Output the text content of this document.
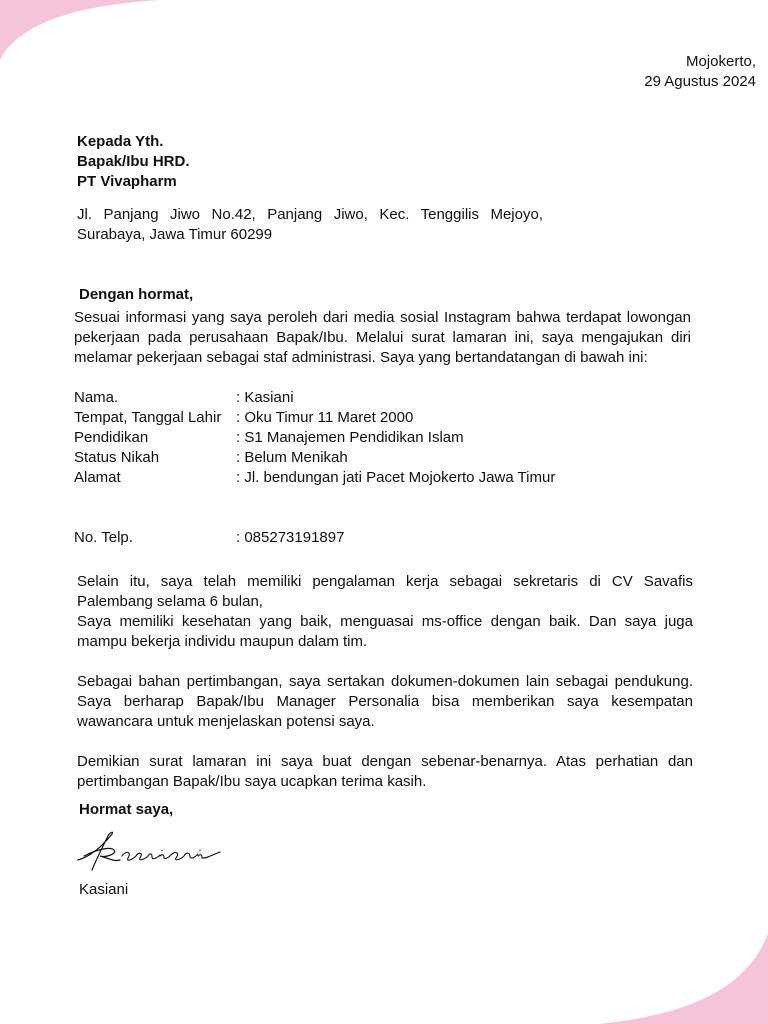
Mojokerto,
29 Agustus 2024
Kepada Yth.
Bapak/Ibu HRD.
PT Vivapharm
Jl. Panjang Jiwo No.42, Panjang Jiwo, Kec. Tenggilis Mejoyo,
Surabaya, Jawa Timur 60299
Dengan hormat,
Sesuai informasi yang saya peroleh dari media sosial Instagram bahwa terdapat lowongan pekerjaan pada perusahaan Bapak/Ibu. Melalui surat lamaran ini, saya mengajukan diri melamar pekerjaan sebagai staf administrasi. Saya yang bertandatangan di bawah ini:
Nama.	: Kasiani
Tempat, Tanggal Lahir : Oku Timur 11 Maret 2000
Pendidikan	: S1 Manajemen Pendidikan Islam
Status Nikah	: Belum Menikah
Alamat	: Jl. bendungan jati Pacet Mojokerto Jawa Timur
No. Telp.	: 085273191897
Selain itu, saya telah memiliki pengalaman kerja sebagai sekretaris di CV Savafis Palembang selama 6 bulan,
Saya memiliki kesehatan yang baik, menguasai ms-office dengan baik. Dan saya juga mampu bekerja individu maupun dalam tim.
Sebagai bahan pertimbangan, saya sertakan dokumen-dokumen lain sebagai pendukung. Saya berharap Bapak/Ibu Manager Personalia bisa memberikan saya kesempatan wawancara untuk menjelaskan potensi saya.
Demikian surat lamaran ini saya buat dengan sebenar-benarnya. Atas perhatian dan pertimbangan Bapak/Ibu saya ucapkan terima kasih.
Hormat saya,
Kasiani
